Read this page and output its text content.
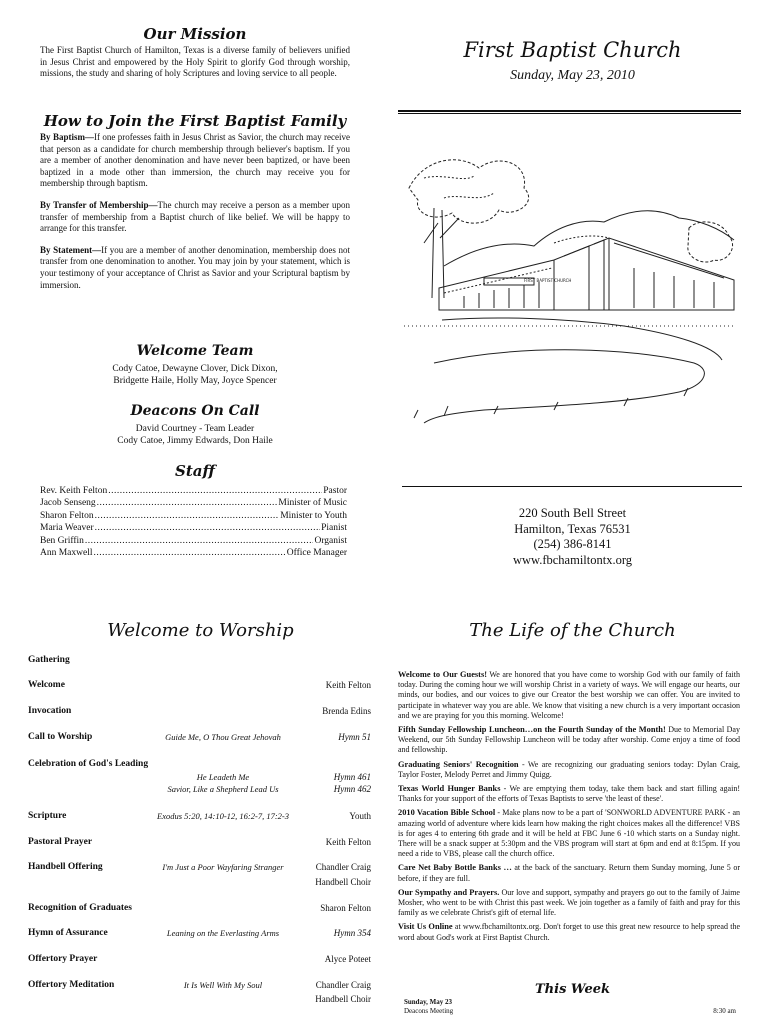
Our Mission
The First Baptist Church of Hamilton, Texas is a diverse family of believers unified in Jesus Christ and empowered by the Holy Spirit to glorify God through worship, missions, the study and sharing of holy Scriptures and loving service to all people.
How to Join the First Baptist Family

By Baptism—If one professes faith in Jesus Christ as Savior, the church may receive that person as a candidate for church membership through believer's baptism. If you are a member of another denomination and have never been baptized, or have been baptized in a mode other than immersion, the church may receive you for membership through baptism.

By Transfer of Membership—The church may receive a person as a member upon transfer of membership from a Baptist church of like belief. We will be happy to arrange for this transfer.

By Statement—If you are a member of another denomination, membership does not transfer from one denomination to another. You may join by your statement, which is your testimony of your acceptance of Christ as Savior and your Scriptural baptism by immersion.

Welcome Team
Cody Catoe, Dewayne Clover, Dick Dixon,
Bridgette Haile, Holly May, Joyce Spencer
Deacons On Call
David Courtney - Team Leader
Cody Catoe, Jimmy Edwards, Don Haile
Staff
Rev. Keith Felton .....	Pastor
Jacob Senseng .....	Minister of Music
Sharon Felton .....	Minister to Youth
Maria Weaver .....	Pianist
Ben Griffin .....	Organist
Ann Maxwell .....	Office Manager
First Baptist Church
Sunday, May 23, 2010
FIRST BAPTIST CHURCH
220 South Bell Street
Hamilton, Texas 76531
(254) 386-8141
www.fbchamiltontx.org
Welcome to Worship
Gathering
Welcome	Keith Felton
Invocation	Brenda Edins
Call to Worship	Guide Me, O Thou Great Jehovah	Hymn 51
Celebration of God's Leading
He Leadeth Me	Hymn 461
Savior, Like a Shepherd Lead Us	Hymn 462
Scripture	Exodus 5:20, 14:10-12, 16:2-7, 17:2-3	Youth
Pastoral Prayer	Keith Felton
Handbell Offering	I'm Just a Poor Wayfaring Stranger	Chandler Craig
Handbell Choir
Recognition of Graduates	Sharon Felton
Hymn of Assurance	Leaning on the Everlasting Arms	Hymn 354
Offertory Prayer	Alyce Poteet
Offertory Meditation	It Is Well With My Soul	Chandler Craig
Handbell Choir
The Life of the Church

Welcome to Our Guests! We are honored that you have come to worship God with our family of faith today. During the coming hour we will worship Christ in a variety of ways. We will engage our hearts, our minds, our bodies, and our voices to give our Creator the best worship we can offer. You are invited to participate in whatever way you are able. We know that visiting a new church is a very important occasion and we are praying for you this morning. Welcome!

Fifth Sunday Fellowship Luncheon…on the Fourth Sunday of the Month! Due to Memorial Day Weekend, our 5th Sunday Fellowship Luncheon will be today after worship. Come enjoy a time of food and fellowship.

Graduating Seniors' Recognition - We are recognizing our graduating seniors today: Dylan Craig, Taylor Foster, Melody Perret and Jimmy Quigg.

Texas World Hunger Banks - We are emptying them today, take them back and start filling again! Thanks for your support of the efforts of Texas Baptists to serve 'the least of these'.

2010 Vacation Bible School - Make plans now to be a part of 'SONWORLD ADVENTURE PARK - an amazing world of adventure where kids learn how making the right choices makes all the difference! VBS is for ages 4 to entering 6th grade and it will be held at FBC June 6 -10 which starts on a Sunday night. There will be a snack supper at 5:30pm and the VBS program will start at 6pm and end at 8:15pm. If you need a ride to VBS, please call the church office.

Care Net Baby Bottle Banks … at the back of the sanctuary. Return them Sunday morning, June 5 or before, if they are full.

Our Sympathy and Prayers. Our love and support, sympathy and prayers go out to the family of Jaime Mosher, who went to be with Christ this past week. We join together as a family of faith and pray for this family as we celebrate Christ's gift of eternal life.

Visit Us Online at www.fbchamiltontx.org. Don't forget to use this great new resource to help spread the word about God's work at First Baptist Church.

This Week
Sunday, May 23
Deacons Meeting	8:30 am
